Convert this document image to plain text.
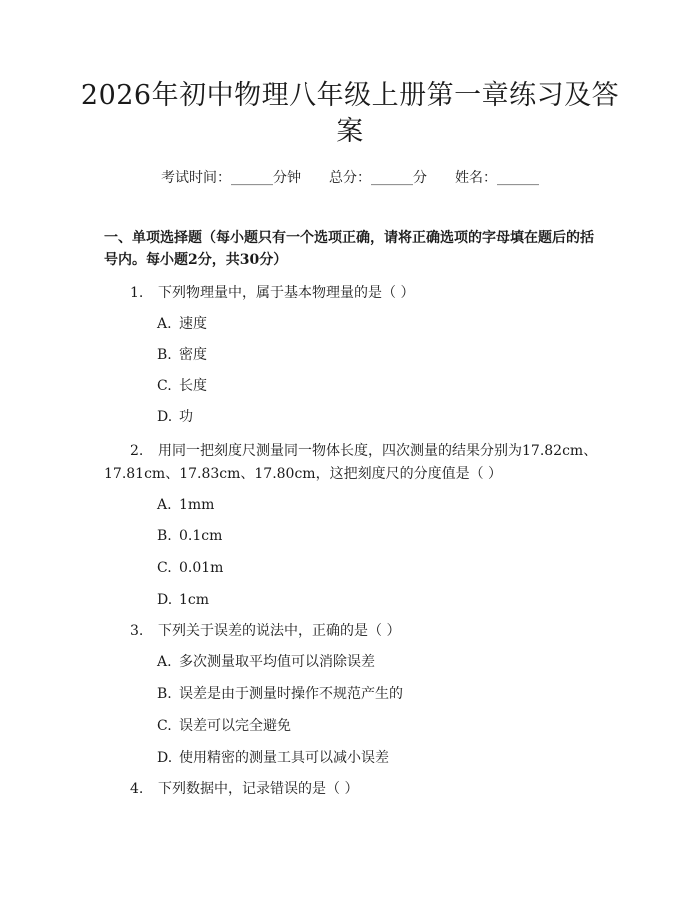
2026年初中物理八年级上册第一章练习及答案
考试时间：______分钟 总分：______分 姓名：______

一、单项选择题（每小题只有一个选项正确，请将正确选项的字母填在题后的括号内。每小题2分，共30分）

1. 下列物理量中，属于基本物理量的是（ ）
A. 速度
B. 密度
C. 长度
D. 功
2. 用同一把刻度尺测量同一物体长度，四次测量的结果分别为17.82cm、
17.81cm、17.83cm、17.80cm，这把刻度尺的分度值是（ ）
A. 1mm
B. 0.1cm
C. 0.01m
D. 1cm
3. 下列关于误差的说法中，正确的是（ ）
A. 多次测量取平均值可以消除误差
B. 误差是由于测量时操作不规范产生的
C. 误差可以完全避免
D. 使用精密的测量工具可以减小误差
4. 下列数据中，记录错误的是（ ）
